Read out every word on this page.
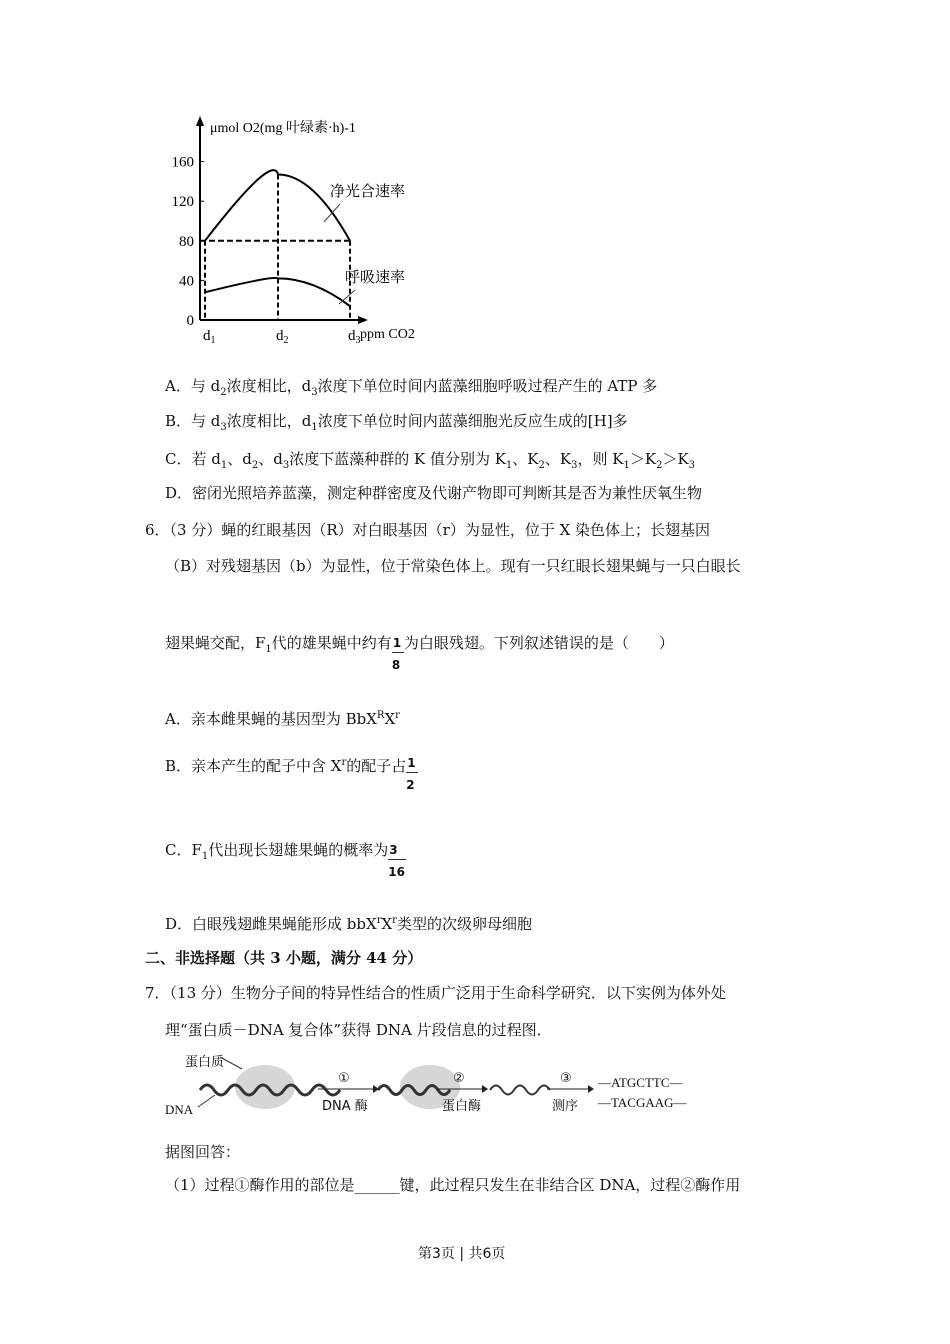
0
40
80
120
160
$d_1$	$d_2$	$d_3$
μmol O2(mg 叶绿素·h)-1
ppm CO2
净光合速率
呼吸速率
A．与 $d_2$浓度相比，$d_3$浓度下单位时间内蓝藻细胞呼吸过程产生的 ATP 多
B．与 $d_3$浓度相比，$d_1$浓度下单位时间内蓝藻细胞光反应生成的[H]多
C．若 $d_1$、$d_2$、$d_3$浓度下蓝藻种群的 K 值分别为 $K_1$、$K_2$、$K_3$，则 $K_1>K_2>K_3$
D．密闭光照培养蓝藻，测定种群密度及代谢产物即可判断其是否为兼性厌氧生物
6．（3 分）蝇的红眼基因（R）对白眼基因（r）为显性，位于 X 染色体上；长翅基因
（B）对残翅基因（b）为显性，位于常染色体上。现有一只红眼长翅果蝇与一只白眼长
翅果蝇交配，$F_1$代的雄果蝇中约有 $\frac{1}{8}$ 为白眼残翅。下列叙述错误的是（　　）
A．亲本雌果蝇的基因型为 $BbX^RX^r$
B．亲本产生的配子中含 $X^r$的配子占 $\frac{1}{2}$
C．$F_1$代出现长翅雄果蝇的概率为 $\frac{3}{16}$
D．白眼残翅雌果蝇能形成 $bbX^rX^r$类型的次级卵母细胞
二、非选择题（共 3 小题，满分 44 分）
7．（13 分）生物分子间的特异性结合的性质广泛用于生命科学研究．以下实例为体外处
理“蛋白质－DNA 复合体”获得 DNA 片段信息的过程图．
蛋白质
DNA
①
DNA 酶
②
蛋白酶
③
测序
—ATGCTTC—
—TACGAAG—
据图回答：
（1）过程①酶作用的部位是______键，此过程只发生在非结合区 DNA，过程②酶作用
第3页 | 共6页
